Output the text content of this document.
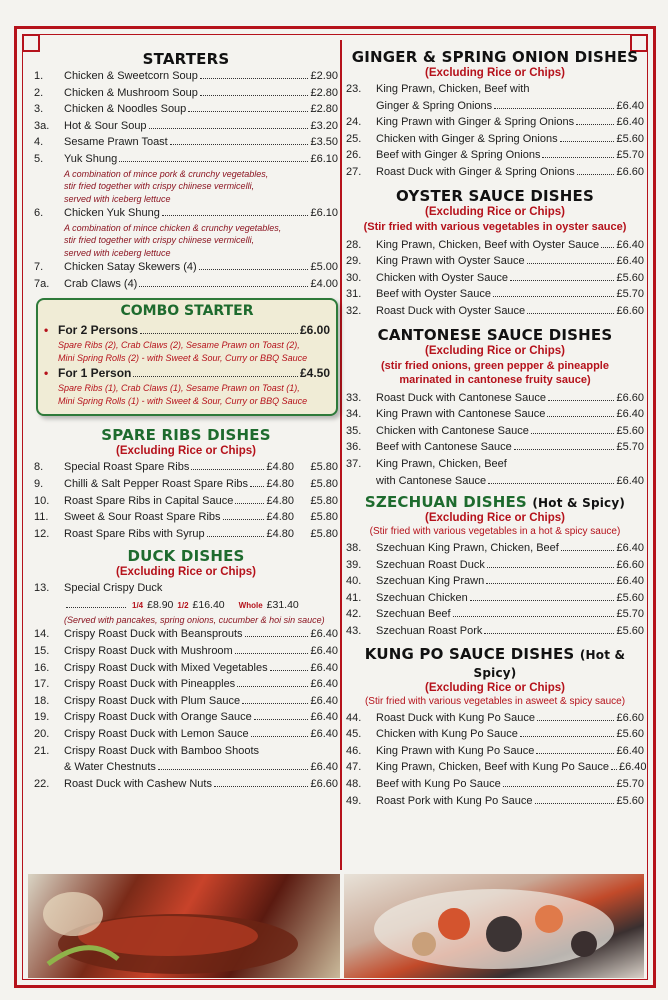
STARTERS
1.	Chicken & Sweetcorn Soup	£2.90
2.	Chicken & Mushroom Soup	£2.80
3.	Chicken & Noodles Soup	£2.80
3a.	Hot & Sour Soup	£3.20
4.	Sesame Prawn Toast	£3.50
5.	Yuk Shung	£6.10
A combination of mince pork & crunchy vegetables,
stir fried together with crispy chiinese vermicelli,
served with iceberg lettuce
6.	Chicken Yuk Shung	£6.10
A combination of mince chicken & crunchy vegetables,
stir fried together with crispy chiinese vermicelli,
served with iceberg lettuce
7.	Chicken Satay Skewers (4)	£5.00
7a.	Crab Claws (4)	£4.00
COMBO STARTER
• For 2 Persons	£6.00
Spare Ribs (2), Crab Claws (2), Sesame Prawn on Toast (2),
Mini Spring Rolls (2) - with Sweet & Sour, Curry or BBQ Sauce
• For 1 Person	£4.50
Spare Ribs (1), Crab Claws (1), Sesame Prawn on Toast (1),
Mini Spring Rolls (1) - with Sweet & Sour, Curry or BBQ Sauce
SPARE RIBS DISHES
(Excluding Rice or Chips)
8.	Special Roast Spare Ribs	£4.80	£5.80
9.	Chilli & Salt Pepper Roast Spare Ribs £4.80	£5.80
10.	Roast Spare Ribs in Capital Sauce	£4.80	£5.80
11.	Sweet & Sour Roast Spare Ribs	£4.80	£5.80
12.	Roast Spare Ribs with Syrup	£4.80	£5.80
DUCK DISHES
(Excluding Rice or Chips)
13.	Special Crispy Duck
1/4 £8.90 1/2 £16.40 Whole £31.40
(Served with pancakes, spring onions, cucumber & hoi sin sauce)
14.	Crispy Roast Duck with Beansprouts	£6.40
15.	Crispy Roast Duck with Mushroom	£6.40
16.	Crispy Roast Duck with Mixed Vegetables	£6.40
17.	Crispy Roast Duck with Pineapples	£6.40
18.	Crispy Roast Duck with Plum Sauce	£6.40
19.	Crispy Roast Duck with Orange Sauce	£6.40
20.	Crispy Roast Duck with Lemon Sauce	£6.40
21.	Crispy Roast Duck with Bamboo Shoots
& Water Chestnuts	£6.40
22.	Roast Duck with Cashew Nuts	£6.60
GINGER & SPRING ONION DISHES
(Excluding Rice or Chips)
23.	King Prawn, Chicken, Beef with
Ginger & Spring Onions	£6.40
24.	King Prawn with Ginger & Spring Onions	£6.40
25.	Chicken with Ginger & Spring Onions	£5.60
26.	Beef with Ginger & Spring Onions	£5.70
27.	Roast Duck with Ginger & Spring Onions	£6.60
OYSTER SAUCE DISHES
(Excluding Rice or Chips)
(Stir fried with various vegetables in oyster sauce)
28.	King Prawn, Chicken, Beef with Oyster Sauce £6.40
29.	King Prawn with Oyster Sauce	£6.40
30.	Chicken with Oyster Sauce	£5.60
31.	Beef with Oyster Sauce	£5.70
32.	Roast Duck with Oyster Sauce	£6.60
CANTONESE SAUCE DISHES
(Excluding Rice or Chips)
(stir fried onions, green pepper & pineapple
marinated in cantonese fruity sauce)
33.	Roast Duck with Cantonese Sauce	£6.60
34.	King Prawn with Cantonese Sauce	£6.40
35.	Chicken with Cantonese Sauce	£5.60
36.	Beef with Cantonese Sauce	£5.70
37.	King Prawn, Chicken, Beef
with Cantonese Sauce	£6.40
SZECHUAN DISHES (Hot & Spicy)
(Excluding Rice or Chips)
(Stir fried with various vegetables in a hot & spicy sauce)
38.	Szechuan King Prawn, Chicken, Beef	£6.40
39.	Szechuan Roast Duck	£6.60
40.	Szechuan King Prawn	£6.40
41.	Szechuan Chicken	£5.60
42.	Szechuan Beef	£5.70
43.	Szechuan Roast Pork	£5.60
KUNG PO SAUCE DISHES (Hot & Spicy)
(Excluding Rice or Chips)
(Stir fried with various vegetables in asweet & spicy sauce)
44.	Roast Duck with Kung Po Sauce	£6.60
45.	Chicken with Kung Po Sauce	£5.60
46.	King Prawn with Kung Po Sauce	£6.40
47.	King Prawn, Chicken, Beef with Kung Po Sauce £6.40
48.	Beef with Kung Po Sauce	£5.70
49.	Roast Pork with Kung Po Sauce	£5.60
